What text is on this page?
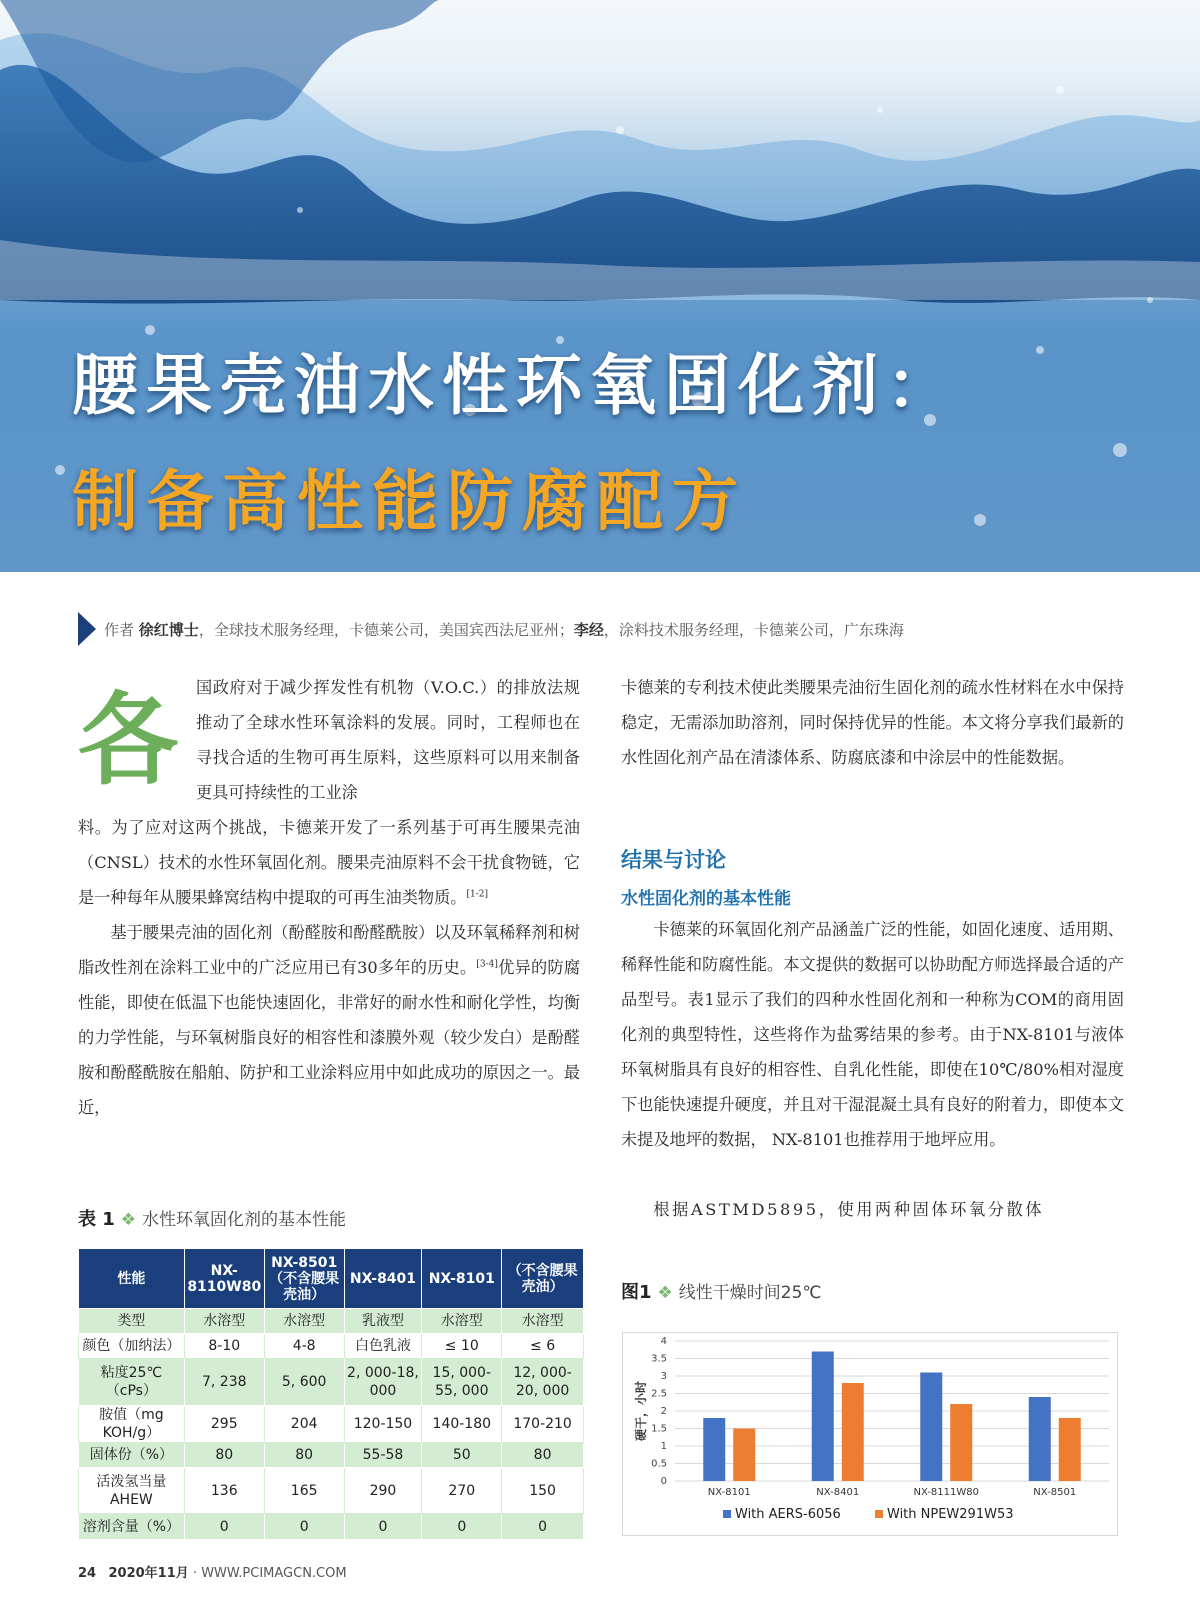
腰果壳油水性环氧固化剂：
制备高性能防腐配方
作者
徐红博士 ，全球技术服务经理，卡德莱公司，美国宾西法尼亚州； 李经 ，涂料技术服务经理，卡德莱公司，广东珠海
各	国政府对于减少挥发性有机物（V.O.C.）的排放法规推动了全球水性环氧涂料的发展。同时，工程师也在寻找合适的生物可再生原料，这些原料可以用来制备更具可持续性的工业涂
料。为了应对这两个挑战，卡德莱开发了一系列基于可再生腰果壳油（CNSL）技术的水性环氧固化剂。腰果壳油原料不会干扰食物链，它是一种每年从腰果蜂窝结构中提取的可再生油类物质。[1-2]
基于腰果壳油的固化剂（酚醛胺和酚醛酰胺）以及环氧稀释剂和树脂改性剂在涂料工业中的广泛应用已有30多年的历史。[3-4]优异的防腐性能，即使在低温下也能快速固化，非常好的耐水性和耐化学性，均衡的力学性能，与环氧树脂良好的相容性和漆膜外观（较少发白）是酚醛胺和酚醛酰胺在船舶、防护和工业涂料应用中如此成功的原因之一。最近，
卡德莱的专利技术使此类腰果壳油衍生固化剂的疏水性材料在水中保持稳定，无需添加助溶剂，同时保持优异的性能。本文将分享我们最新的水性固化剂产品在清漆体系、防腐底漆和中涂层中的性能数据。
结果与讨论
水性固化剂的基本性能
卡德莱的环氧固化剂产品涵盖广泛的性能，如固化速度、适用期、稀释性能和防腐性能。本文提供的数据可以协助配方师选择最合适的产品型号。表1显示了我们的四种水性固化剂和一种称为COM的商用固化剂的典型特性，这些将作为盐雾结果的参考。由于NX-8101与液体环氧树脂具有良好的相容性、自乳化性能，即使在10℃/80%相对湿度下也能快速提升硬度，并且对干湿混凝土具有良好的附着力，即使本文未提及地坪的数据， NX-8101也推荐用于地坪应用。
根据ASTMD5895，使用两种固体环氧分散体
表 1 ❖ 水性环氧固化剂的基本性能
性能	NX-8110W80	NX-8501（不含腰果壳油）	NX-8401	NX-8101	（不含腰果壳油）
类型	水溶型	水溶型	乳液型	水溶型	水溶型
颜色（加纳法）	8-10	4-8	白色乳液	≤ 10	≤ 6
粘度25℃（cPs）	7, 238	5, 600	2, 000-18, 000	15, 000-55, 000	12, 000-20, 000
胺值（mg KOH/g）	295	204	120-150	140-180	170-210
固体份（%）	80	80	55-58	50	80
活泼氢当量AHEW	136	165	290	270	150
溶剂含量（%）	0	0	0	0	0
图1 ❖ 线性干燥时间25℃
0
0.5
1
1.5
2
2.5
3
3.5
4
硬干，小时
NX-8101	NX-8401	NX-8111W80	NX-8501
With AERS-6056	With NPEW291W53
24 2020年11月 · WWW.PCIMAGCN.COM
